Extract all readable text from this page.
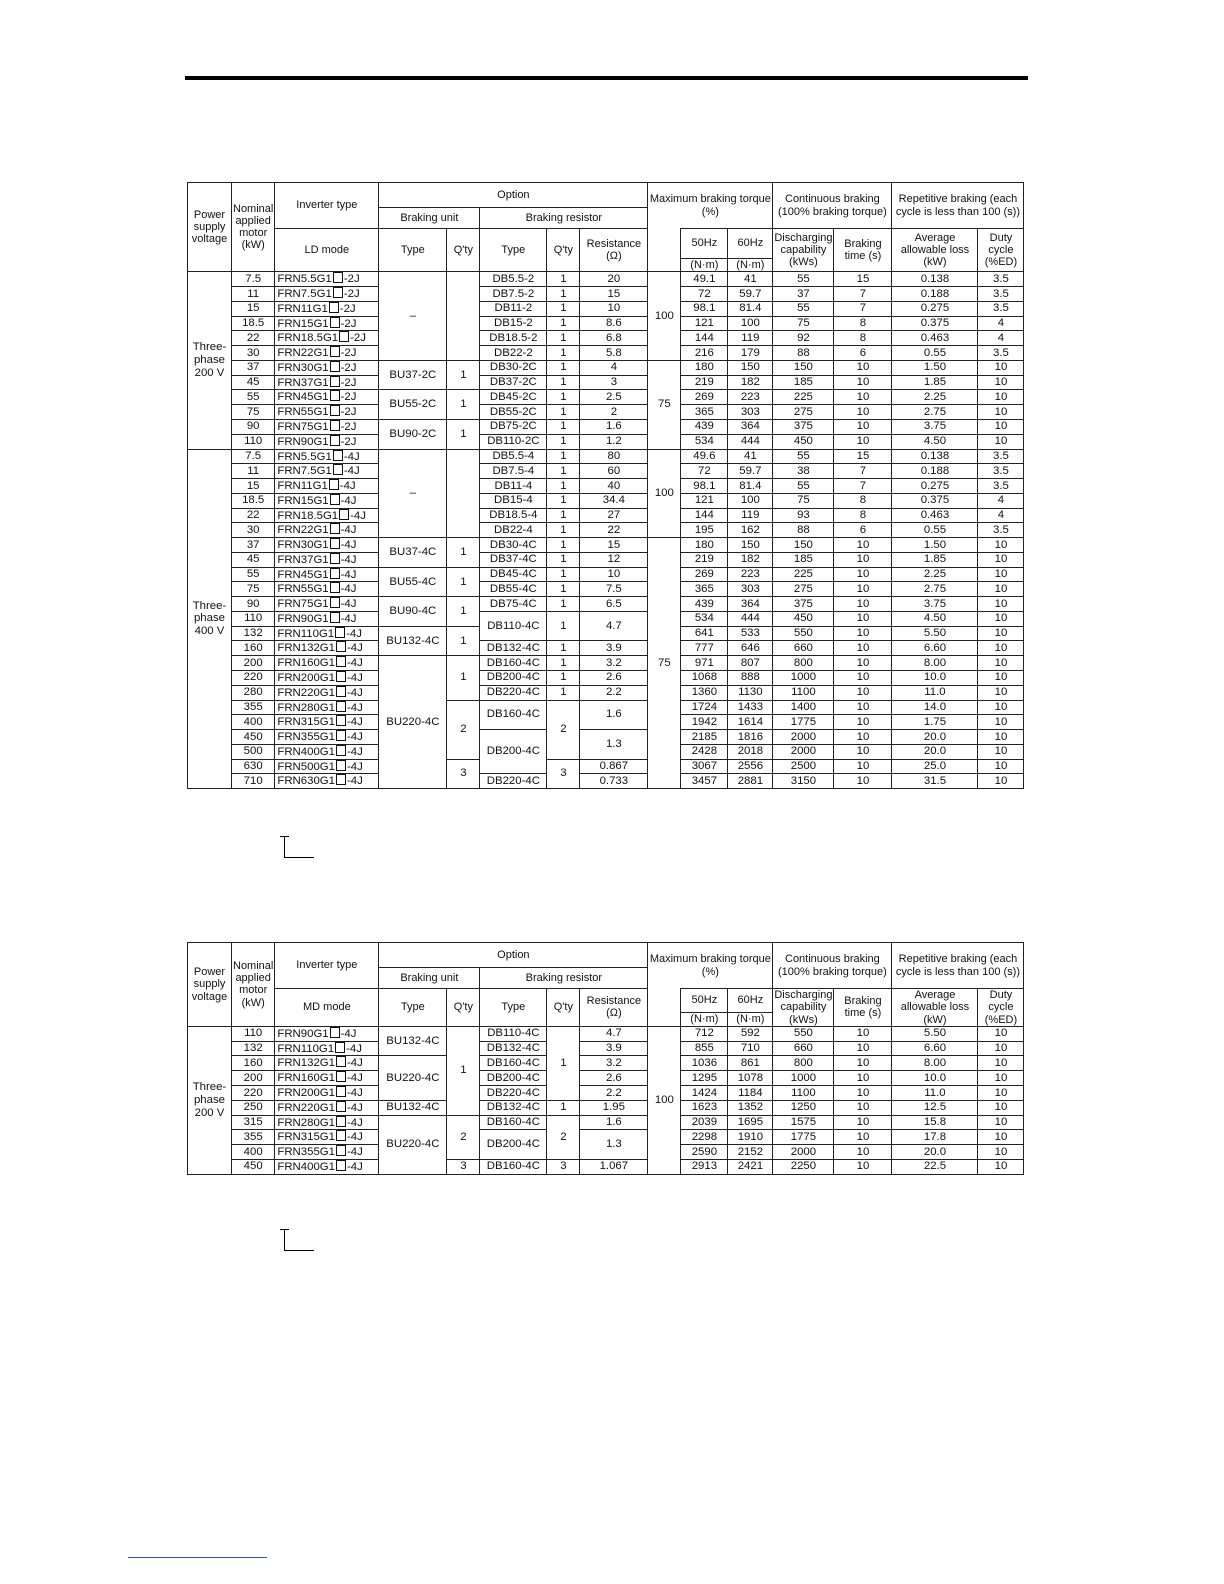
Power supply voltage	Nominal applied motor (kW)	Inverter type	Option					Maximum braking torque (%)			Continuous braking (100% braking torque)		Repetitive braking (each cycle is less than 100 (s))	
			Braking unit		Braking resistor									
		LD mode	Type	Q'ty	Type	Q'ty	Resistance (Ω)		50Hz	60Hz	Discharging capability (kWs)	Braking time (s)	Average allowable loss (kW)	Duty cycle (%ED)
									(N·m)	(N·m)				
Three-phase 200 V	7.5	FRN5.5G1 -2J	–		DB5.5-2	1	20	100	49.1	41	55	15	0.138	3.5
	11	FRN7.5G1 -2J			DB7.5-2	1	15		72	59.7	37	7	0.188	3.5
	15	FRN11G1 -2J			DB11-2	1	10		98.1	81.4	55	7	0.275	3.5
	18.5	FRN15G1 -2J			DB15-2	1	8.6		121	100	75	8	0.375	4
	22	FRN18.5G1 -2J			DB18.5-2	1	6.8		144	119	92	8	0.463	4
	30	FRN22G1 -2J			DB22-2	1	5.8		216	179	88	6	0.55	3.5
	37	FRN30G1 -2J	BU37-2C	1	DB30-2C	1	4	75	180	150	150	10	1.50	10
	45	FRN37G1 -2J			DB37-2C	1	3		219	182	185	10	1.85	10
	55	FRN45G1 -2J	BU55-2C	1	DB45-2C	1	2.5		269	223	225	10	2.25	10
	75	FRN55G1 -2J			DB55-2C	1	2		365	303	275	10	2.75	10
	90	FRN75G1 -2J	BU90-2C	1	DB75-2C	1	1.6		439	364	375	10	3.75	10
	110	FRN90G1 -2J			DB110-2C	1	1.2		534	444	450	10	4.50	10
Three-phase 400 V	7.5	FRN5.5G1 -4J	–		DB5.5-4	1	80	100	49.6	41	55	15	0.138	3.5
	11	FRN7.5G1 -4J			DB7.5-4	1	60		72	59.7	38	7	0.188	3.5
	15	FRN11G1 -4J			DB11-4	1	40		98.1	81.4	55	7	0.275	3.5
	18.5	FRN15G1 -4J			DB15-4	1	34.4		121	100	75	8	0.375	4
	22	FRN18.5G1 -4J			DB18.5-4	1	27		144	119	93	8	0.463	4
	30	FRN22G1 -4J			DB22-4	1	22		195	162	88	6	0.55	3.5
	37	FRN30G1 -4J	BU37-4C	1	DB30-4C	1	15	75	180	150	150	10	1.50	10
	45	FRN37G1 -4J			DB37-4C	1	12		219	182	185	10	1.85	10
	55	FRN45G1 -4J	BU55-4C	1	DB45-4C	1	10		269	223	225	10	2.25	10
	75	FRN55G1 -4J			DB55-4C	1	7.5		365	303	275	10	2.75	10
	90	FRN75G1 -4J	BU90-4C	1	DB75-4C	1	6.5		439	364	375	10	3.75	10
	110	FRN90G1 -4J			DB110-4C	1	4.7		534	444	450	10	4.50	10
	132	FRN110G1 -4J	BU132-4C	1					641	533	550	10	5.50	10
	160	FRN132G1 -4J			DB132-4C	1	3.9		777	646	660	10	6.60	10
	200	FRN160G1 -4J	BU220-4C	1	DB160-4C	1	3.2		971	807	800	10	8.00	10
	220	FRN200G1 -4J			DB200-4C	1	2.6		1068	888	1000	10	10.0	10
	280	FRN220G1 -4J			DB220-4C	1	2.2		1360	1130	1100	10	11.0	10
	355	FRN280G1 -4J		2	DB160-4C	2	1.6		1724	1433	1400	10	14.0	10
	400	FRN315G1 -4J							1942	1614	1775	10	1.75	10
	450	FRN355G1 -4J			DB200-4C		1.3		2185	1816	2000	10	20.0	10
	500	FRN400G1 -4J							2428	2018	2000	10	20.0	10
	630	FRN500G1 -4J		3		3	0.867		3067	2556	2500	10	25.0	10
	710	FRN630G1 -4J			DB220-4C		0.733		3457	2881	3150	10	31.5	10
Power supply voltage	Nominal applied motor (kW)	Inverter type	Option					Maximum braking torque (%)			Continuous braking (100% braking torque)		Repetitive braking (each cycle is less than 100 (s))	
			Braking unit		Braking resistor									
		MD mode	Type	Q'ty	Type	Q'ty	Resistance (Ω)		50Hz	60Hz	Discharging capability (kWs)	Braking time (s)	Average allowable loss (kW)	Duty cycle (%ED)
									(N·m)	(N·m)				
Three-phase 200 V	110	FRN90G1 -4J	BU132-4C	1	DB110-4C	1	4.7	100	712	592	550	10	5.50	10
	132	FRN110G1 -4J			DB132-4C		3.9		855	710	660	10	6.60	10
	160	FRN132G1 -4J	BU220-4C		DB160-4C		3.2		1036	861	800	10	8.00	10
	200	FRN160G1 -4J			DB200-4C		2.6		1295	1078	1000	10	10.0	10
	220	FRN200G1 -4J			DB220-4C		2.2		1424	1184	1100	10	11.0	10
	250	FRN220G1 -4J	BU132-4C		DB132-4C	1	1.95		1623	1352	1250	10	12.5	10
	315	FRN280G1 -4J	BU220-4C	2	DB160-4C	2	1.6		2039	1695	1575	10	15.8	10
	355	FRN315G1 -4J			DB200-4C		1.3		2298	1910	1775	10	17.8	10
	400	FRN355G1 -4J							2590	2152	2000	10	20.0	10
	450	FRN400G1 -4J		3	DB160-4C	3	1.067		2913	2421	2250	10	22.5	10
